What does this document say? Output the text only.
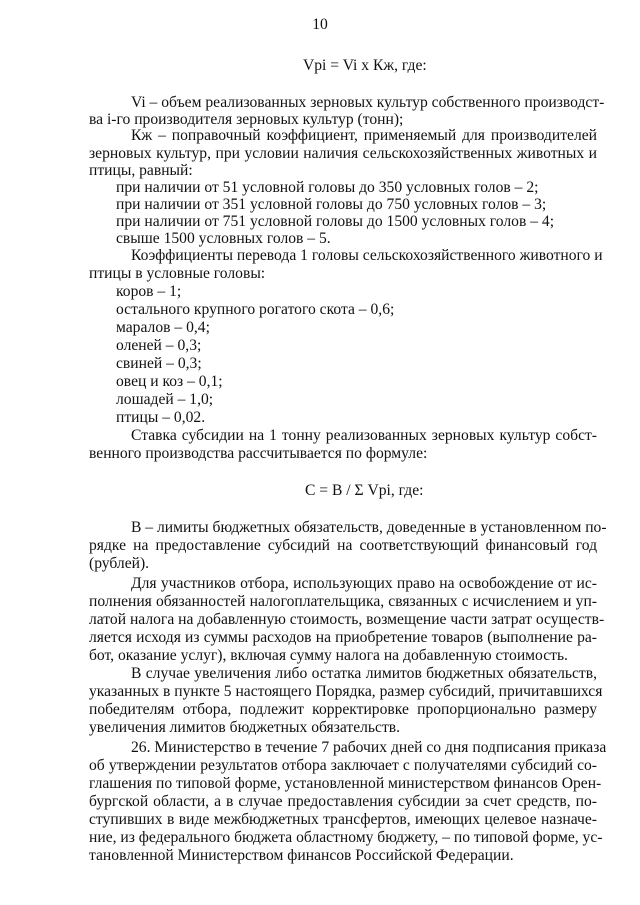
10
Vpi = Vi x Кж, где:
Vi – объем реализованных зерновых культур собственного производст-
ва i-го производителя зерновых культур (тонн);
Кж – поправочный коэффициент, применяемый для производителей
зерновых культур, при условии наличия сельскохозяйственных животных и
птицы, равный:
при наличии от 51 условной головы до 350 условных голов – 2;
при наличии от 351 условной головы до 750 условных голов – 3;
при наличии от 751 условной головы до 1500 условных голов – 4;
свыше 1500 условных голов – 5.
Коэффициенты перевода 1 головы сельскохозяйственного животного и
птицы в условные головы:
коров – 1;
остального крупного рогатого скота – 0,6;
маралов – 0,4;
оленей – 0,3;
свиней – 0,3;
овец и коз – 0,1;
лошадей – 1,0;
птицы – 0,02.
Ставка субсидии на 1 тонну реализованных зерновых культур собст-
венного производства рассчитывается по формуле:
С = В / Σ Vpi, где:
В – лимиты бюджетных обязательств, доведенные в установленном по-
рядке на предоставление субсидий на соответствующий финансовый год
(рублей).
Для участников отбора, использующих право на освобождение от ис-
полнения обязанностей налогоплательщика, связанных с исчислением и уп-
латой налога на добавленную стоимость, возмещение части затрат осуществ-
ляется исходя из суммы расходов на приобретение товаров (выполнение ра-
бот, оказание услуг), включая сумму налога на добавленную стоимость.
В случае увеличения либо остатка лимитов бюджетных обязательств,
указанных в пункте 5 настоящего Порядка, размер субсидий, причитавшихся
победителям отбора, подлежит корректировке пропорционально размеру
увеличения лимитов бюджетных обязательств.
26. Министерство в течение 7 рабочих дней со дня подписания приказа
об утверждении результатов отбора заключает с получателями субсидий со-
глашения по типовой форме, установленной министерством финансов Орен-
бургской области, а в случае предоставления субсидии за счет средств, по-
ступивших в виде межбюджетных трансфертов, имеющих целевое назначе-
ние, из федерального бюджета областному бюджету, – по типовой форме, ус-
тановленной Министерством финансов Российской Федерации.
